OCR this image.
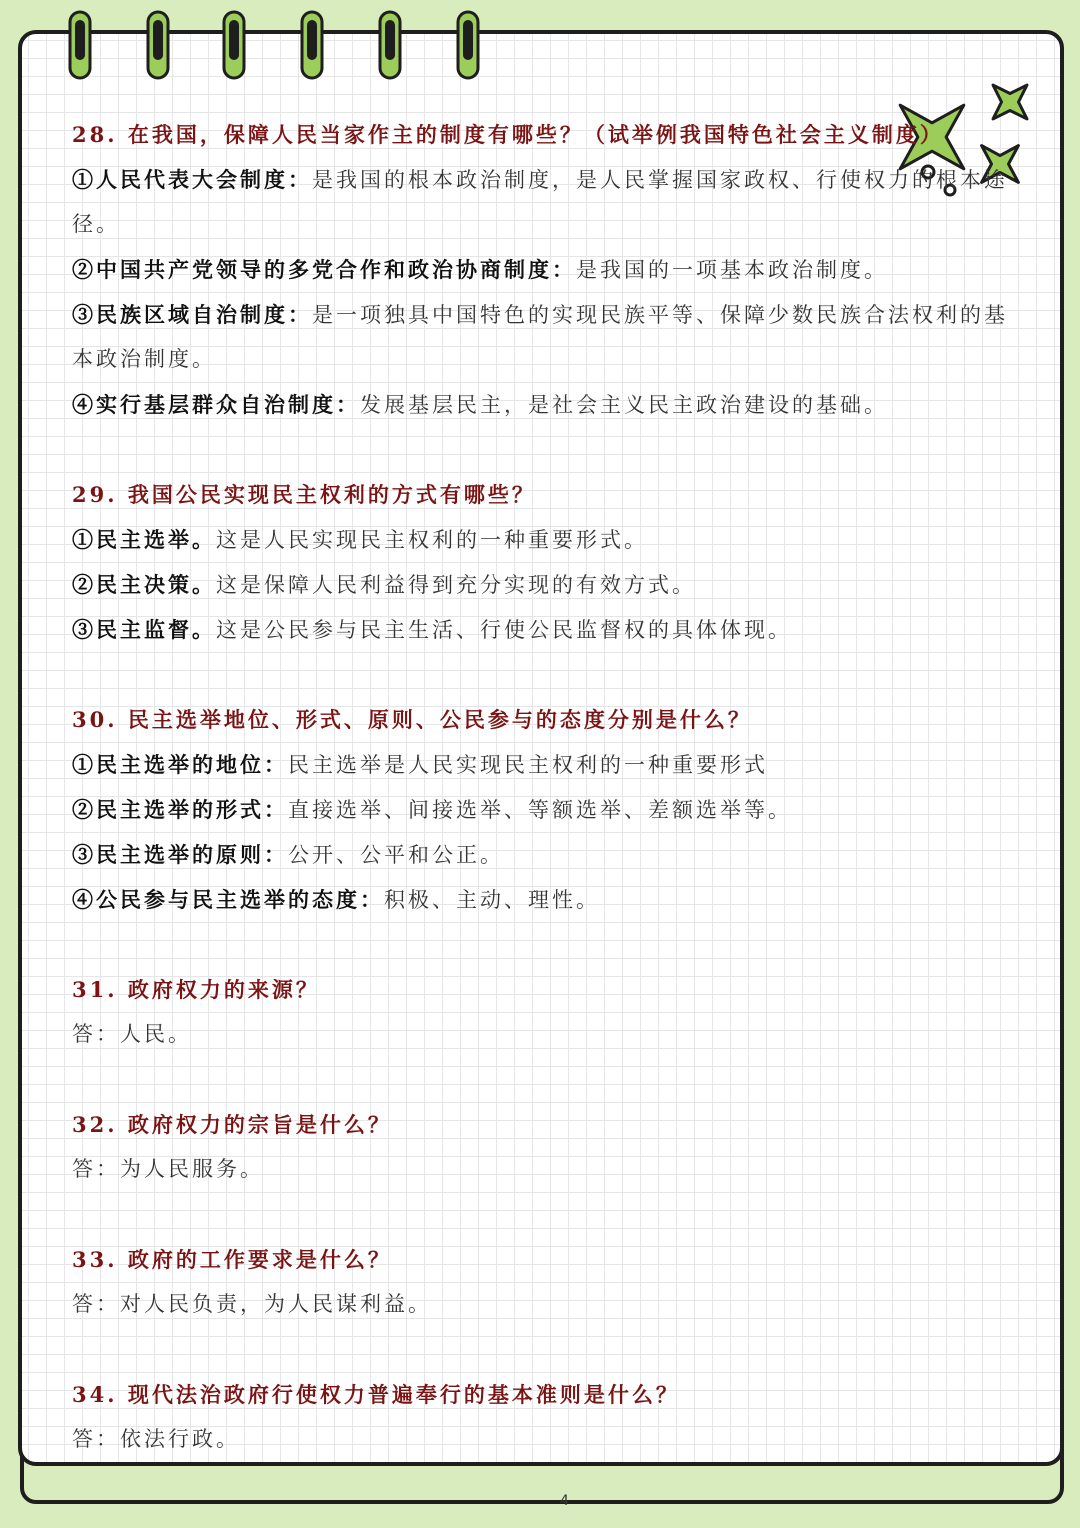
28. 在我国，保障人民当家作主的制度有哪些？（试举例我国特色社会主义制度）
①人民代表大会制度：是我国的根本政治制度，是人民掌握国家政权、行使权力的根本途
径。
②中国共产党领导的多党合作和政治协商制度：是我国的一项基本政治制度。
③民族区域自治制度：是一项独具中国特色的实现民族平等、保障少数民族合法权利的基
本政治制度。
④实行基层群众自治制度：发展基层民主，是社会主义民主政治建设的基础。
29. 我国公民实现民主权利的方式有哪些？
①民主选举。这是人民实现民主权利的一种重要形式。
②民主决策。这是保障人民利益得到充分实现的有效方式。
③民主监督。这是公民参与民主生活、行使公民监督权的具体体现。
30. 民主选举地位、形式、原则、公民参与的态度分别是什么？
①民主选举的地位：民主选举是人民实现民主权利的一种重要形式
②民主选举的形式：直接选举、间接选举、等额选举、差额选举等。
③民主选举的原则：公开、公平和公正。
④公民参与民主选举的态度：积极、主动、理性。
31. 政府权力的来源？
答：人民。
32. 政府权力的宗旨是什么？
答：为人民服务。
33. 政府的工作要求是什么？
答：对人民负责，为人民谋利益。
34. 现代法治政府行使权力普遍奉行的基本准则是什么？
答：依法行政。
4
